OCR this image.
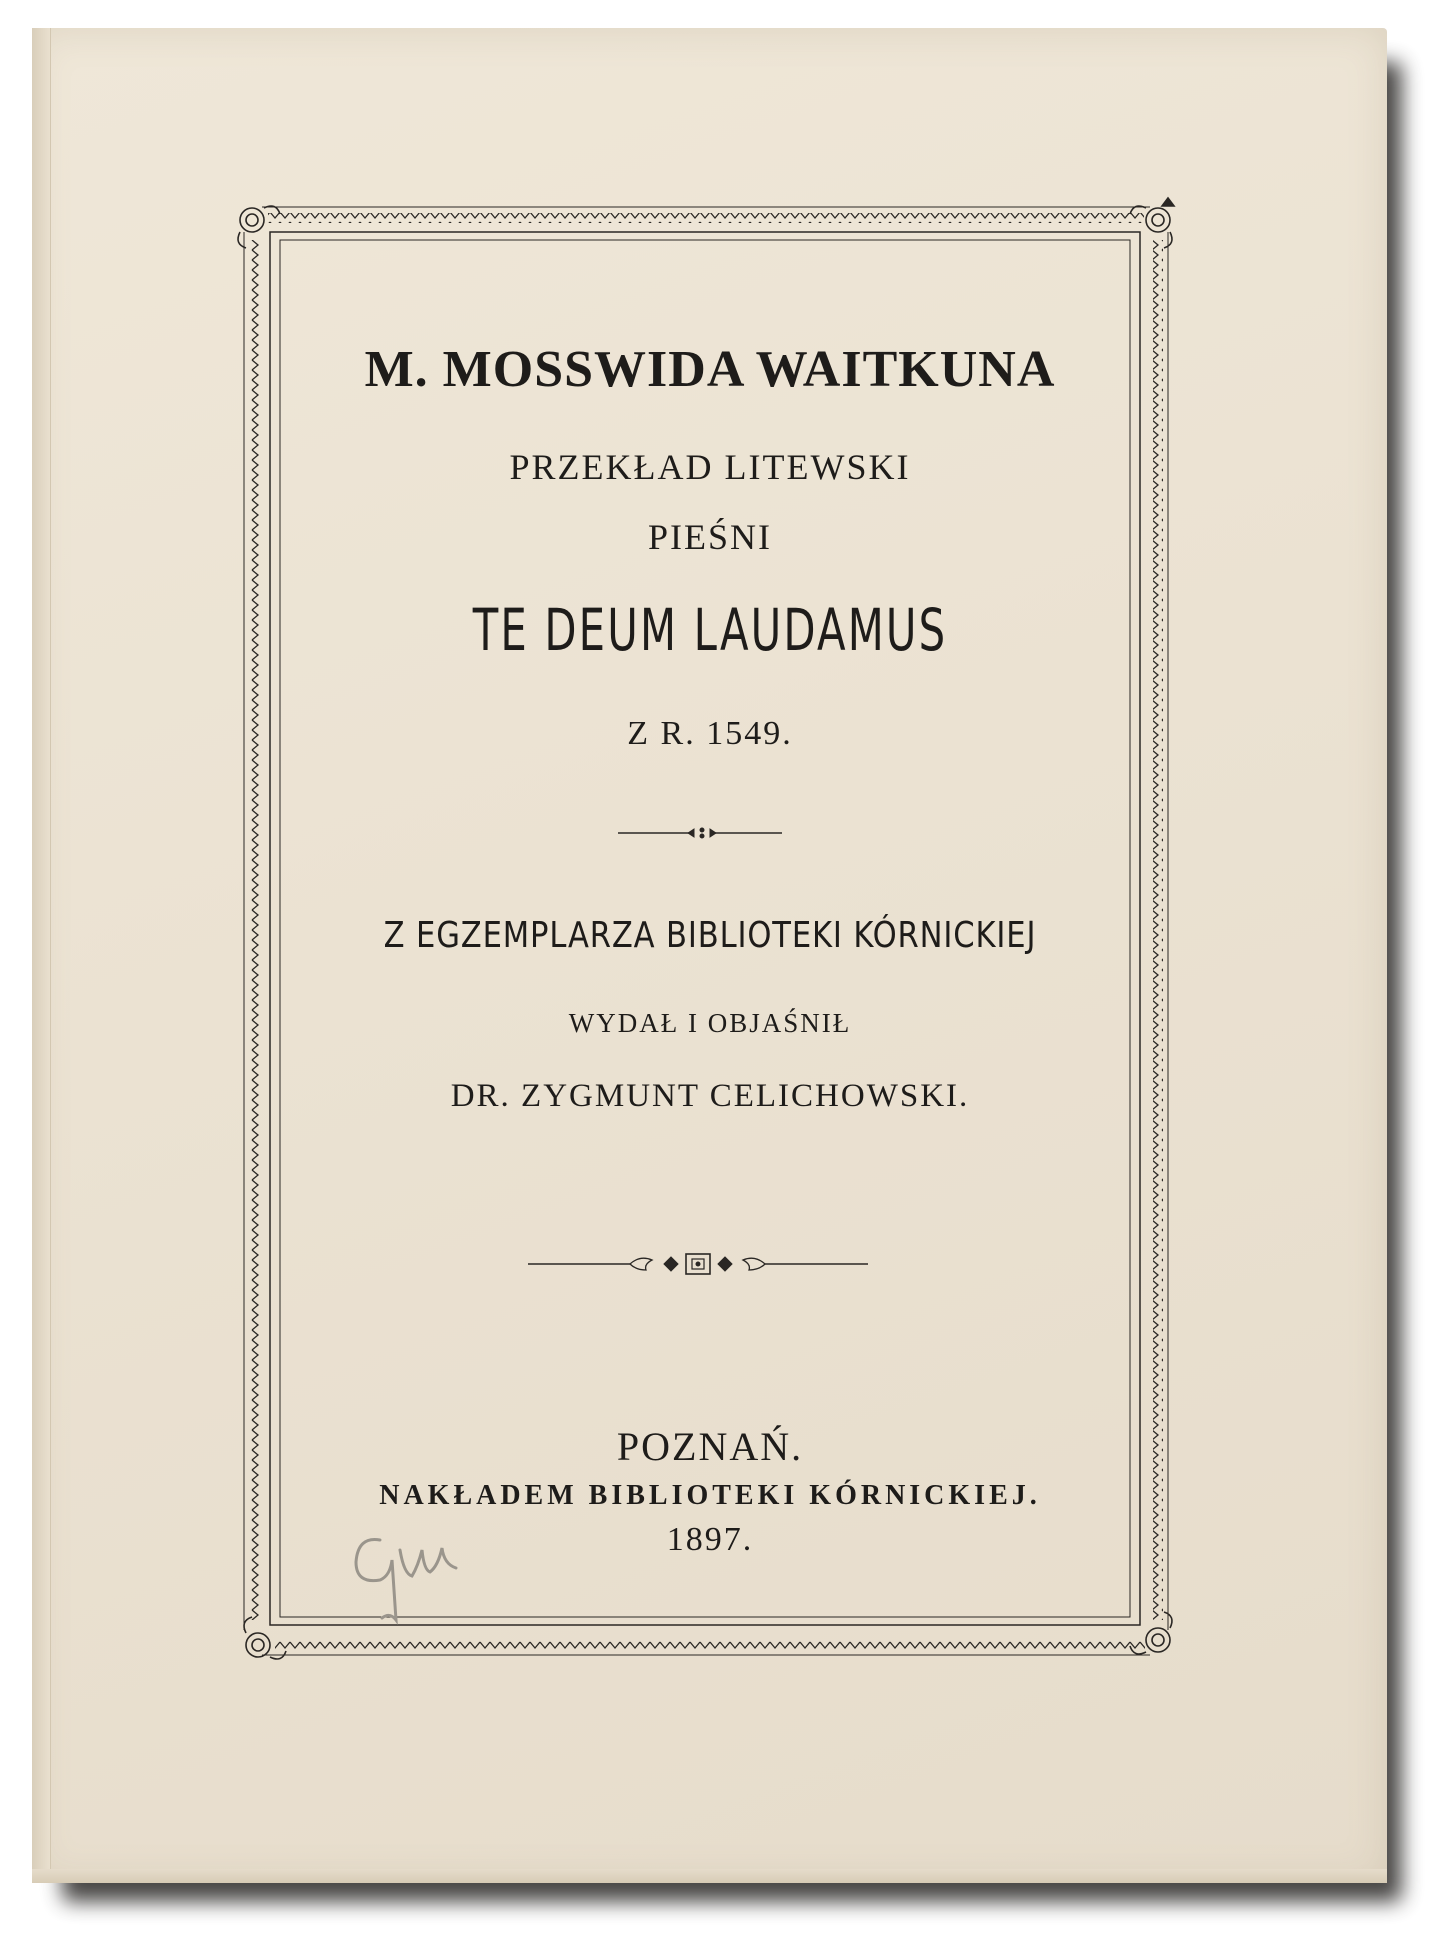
M. MOSSWIDA WAITKUNA
PRZEKŁAD LITEWSKI
PIEŚNI
TE DEUM LAUDAMUS
Z R. 1549.
Z EGZEMPLARZA BIBLIOTEKI KÓRNICKIEJ
WYDAŁ I OBJAŚNIŁ
DR. ZYGMUNT CELICHOWSKI.
POZNAŃ.
NAKŁADEM BIBLIOTEKI KÓRNICKIEJ.
1897.
